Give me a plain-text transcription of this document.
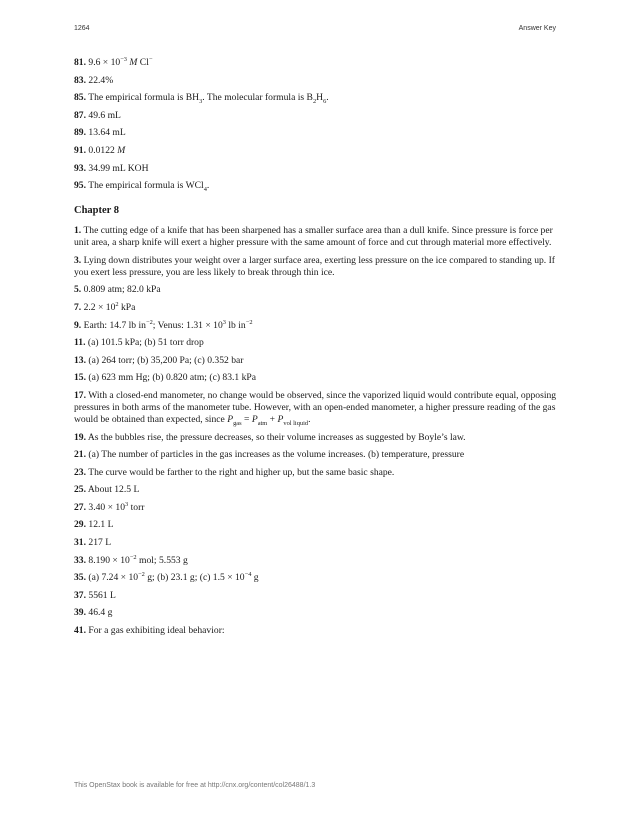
1264	Answer Key

81. $9.6 \times 10^{-3}$ M Cl−

83. 22.4%

85. The empirical formula is $BH_3$. The molecular formula is $B_2H_6$.

87. 49.6 mL

89. 13.64 mL

91. 0.0122 M

93. 34.99 mL KOH

95. The empirical formula is WCl$_4$.

Chapter 8

1. The cutting edge of a knife that has been sharpened has a smaller surface area than a dull knife. Since pressure is force per unit area, a sharp knife will exert a higher pressure with the same amount of force and cut through material more effectively.

3. Lying down distributes your weight over a larger surface area, exerting less pressure on the ice compared to standing up. If you exert less pressure, you are less likely to break through thin ice.

5. 0.809 atm; 82.0 kPa

7. $2.2 \times 10^2$ kPa

9. Earth: 14.7 lb $in^{-2}$; Venus: $1.31 \times 10^3$ lb $in^{-2}$

11. (a) 101.5 kPa; (b) 51 torr drop

13. (a) 264 torr; (b) 35,200 Pa; (c) 0.352 bar

15. (a) 623 mm Hg; (b) 0.820 atm; (c) 83.1 kPa

17. With a closed-end manometer, no change would be observed, since the vaporized liquid would contribute equal, opposing pressures in both arms of the manometer tube. However, with an open-ended manometer, a higher pressure reading of the gas would be obtained than expected, since $P_{gas} = P_{atm} + P_{vol liquid}$.

19. As the bubbles rise, the pressure decreases, so their volume increases as suggested by Boyle’s law.

21. (a) The number of particles in the gas increases as the volume increases. (b) temperature, pressure

23. The curve would be farther to the right and higher up, but the same basic shape.

25. About 12.5 L

27. $3.40 \times 10^3$ torr

29. 12.1 L

31. 217 L

33. $8.190 \times 10^{-2}$ mol; 5.553 g

35. (a) $7.24 \times 10^{-2}$ g; (b) 23.1 g; (c) $1.5 \times 10^{-4}$ g

37. 5561 L

39. 46.4 g

41. For a gas exhibiting ideal behavior:

This OpenStax book is available for free at http://cnx.org/content/col26488/1.3
